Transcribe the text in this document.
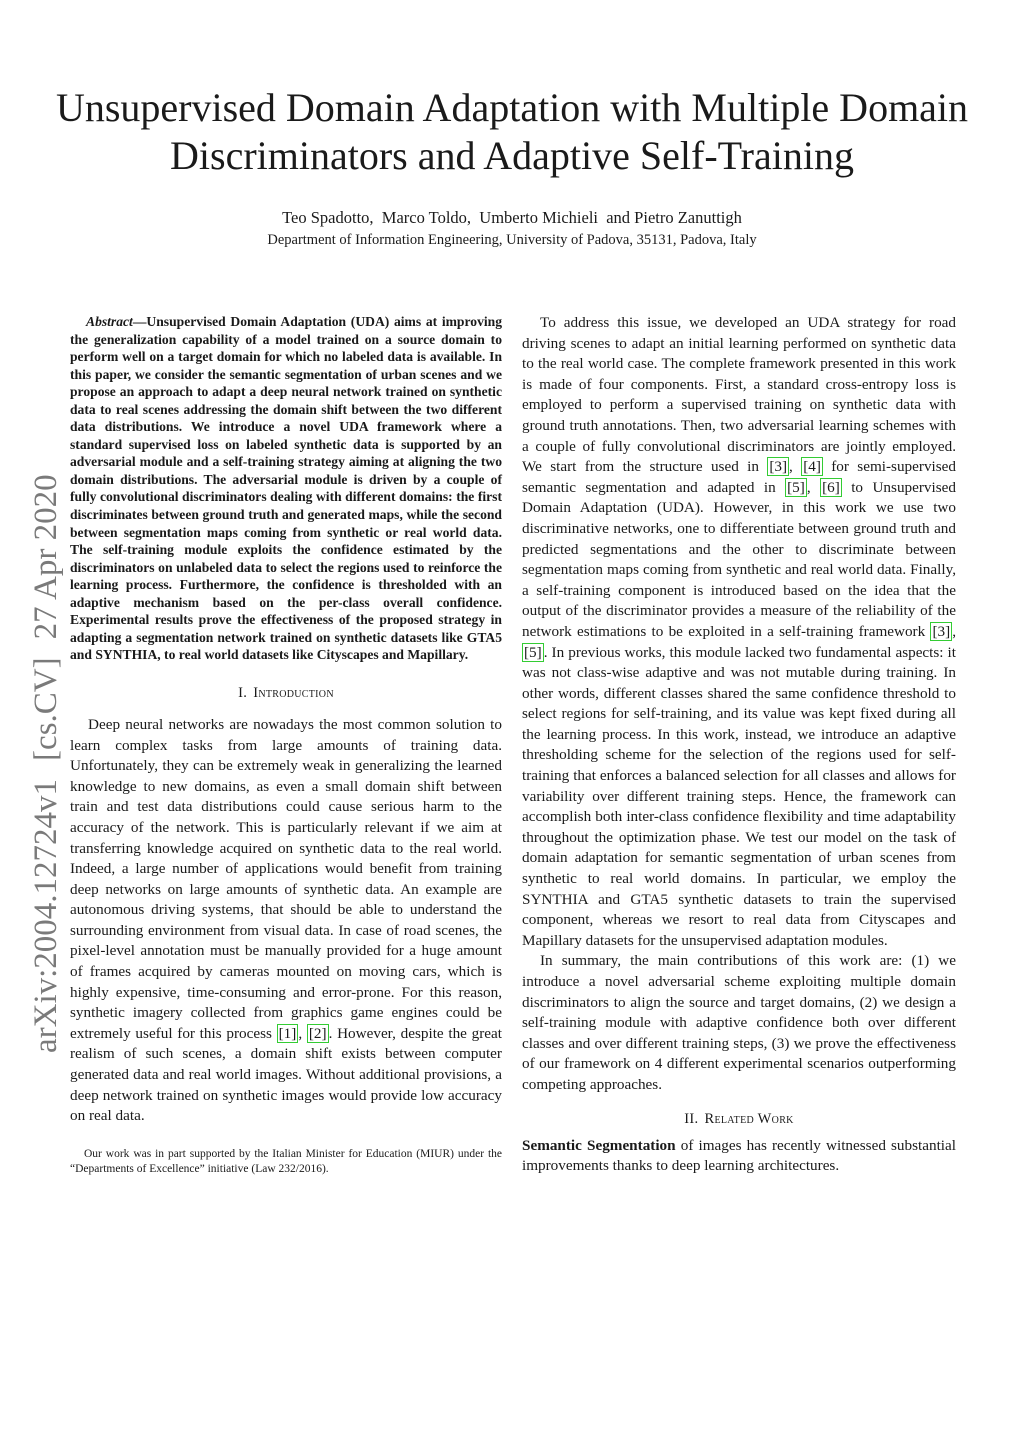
Unsupervised Domain Adaptation with Multiple Domain Discriminators and Adaptive Self-Training
Teo Spadotto,  Marco Toldo,  Umberto Michieli  and Pietro Zanuttigh
Department of Information Engineering, University of Padova, 35131, Padova, Italy
arXiv:2004.12724v1
[cs.CV]
27 Apr 2020

Abstract—Unsupervised Domain Adaptation (UDA) aims at improving the generalization capability of a model trained on a source domain to perform well on a target domain for which no labeled data is available. In this paper, we consider the semantic segmentation of urban scenes and we propose an approach to adapt a deep neural network trained on synthetic data to real scenes addressing the domain shift between the two different data distributions. We introduce a novel UDA framework where a standard supervised loss on labeled synthetic data is supported by an adversarial module and a self-training strategy aiming at aligning the two domain distributions. The adversarial module is driven by a couple of fully convolutional discriminators dealing with different domains: the first discriminates between ground truth and generated maps, while the second between segmentation maps coming from synthetic or real world data. The self-training module exploits the confidence estimated by the discriminators on unlabeled data to select the regions used to reinforce the learning process. Furthermore, the confidence is thresholded with an adaptive mechanism based on the per-class overall confidence. Experimental results prove the effectiveness of the proposed strategy in adapting a segmentation network trained on synthetic datasets like GTA5 and SYNTHIA, to real world datasets like Cityscapes and Mapillary.

I. Introduction

Deep neural networks are nowadays the most common solution to learn complex tasks from large amounts of training data. Unfortunately, they can be extremely weak in generalizing the learned knowledge to new domains, as even a small domain shift between train and test data distributions could cause serious harm to the accuracy of the network. This is particularly relevant if we aim at transferring knowledge acquired on synthetic data to the real world. Indeed, a large number of applications would benefit from training deep networks on large amounts of synthetic data. An example are autonomous driving systems, that should be able to understand the surrounding environment from visual data. In case of road scenes, the pixel-level annotation must be manually provided for a huge amount of frames acquired by cameras mounted on moving cars, which is highly expensive, time-consuming and error-prone. For this reason, synthetic imagery collected from graphics game engines could be extremely useful for this process [1] , [2] . However, despite the great realism of such scenes, a domain shift exists between computer generated data and real world images. Without additional provisions, a deep network trained on synthetic images would provide low accuracy on real data.

Our work was in part supported by the Italian Minister for Education (MIUR) under the “Departments of Excellence” initiative (Law 232/2016).

To address this issue, we developed an UDA strategy for road driving scenes to adapt an initial learning performed on synthetic data to the real world case. The complete framework presented in this work is made of four components. First, a standard cross-entropy loss is employed to perform a supervised training on synthetic data with ground truth annotations. Then, two adversarial learning schemes with a couple of fully convolutional discriminators are jointly employed. We start from the structure used in [3] , [4] for semi-supervised semantic segmentation and adapted in [5] , [6] to Unsupervised Domain Adaptation (UDA). However, in this work we use two discriminative networks, one to differentiate between ground truth and predicted segmentations and the other to discriminate between segmentation maps coming from synthetic and real world data. Finally, a self-training component is introduced based on the idea that the output of the discriminator provides a measure of the reliability of the network estimations to be exploited in a self-training framework [3] , [5] . In previous works, this module lacked two fundamental aspects: it was not class-wise adaptive and was not mutable during training. In other words, different classes shared the same confidence threshold to select regions for self-training, and its value was kept fixed during all the learning process. In this work, instead, we introduce an adaptive thresholding scheme for the selection of the regions used for self-training that enforces a balanced selection for all classes and allows for variability over different training steps. Hence, the framework can accomplish both inter-class confidence flexibility and time adaptability throughout the optimization phase. We test our model on the task of domain adaptation for semantic segmentation of urban scenes from synthetic to real world domains. In particular, we employ the SYNTHIA and GTA5 synthetic datasets to train the supervised component, whereas we resort to real data from Cityscapes and Mapillary datasets for the unsupervised adaptation modules.

In summary, the main contributions of this work are: (1) we introduce a novel adversarial scheme exploiting multiple domain discriminators to align the source and target domains, (2) we design a self-training module with adaptive confidence both over different classes and over different training steps, (3) we prove the effectiveness of our framework on 4 different experimental scenarios outperforming competing approaches.

II. Related Work

Semantic Segmentation of images has recently witnessed substantial improvements thanks to deep learning architectures.
